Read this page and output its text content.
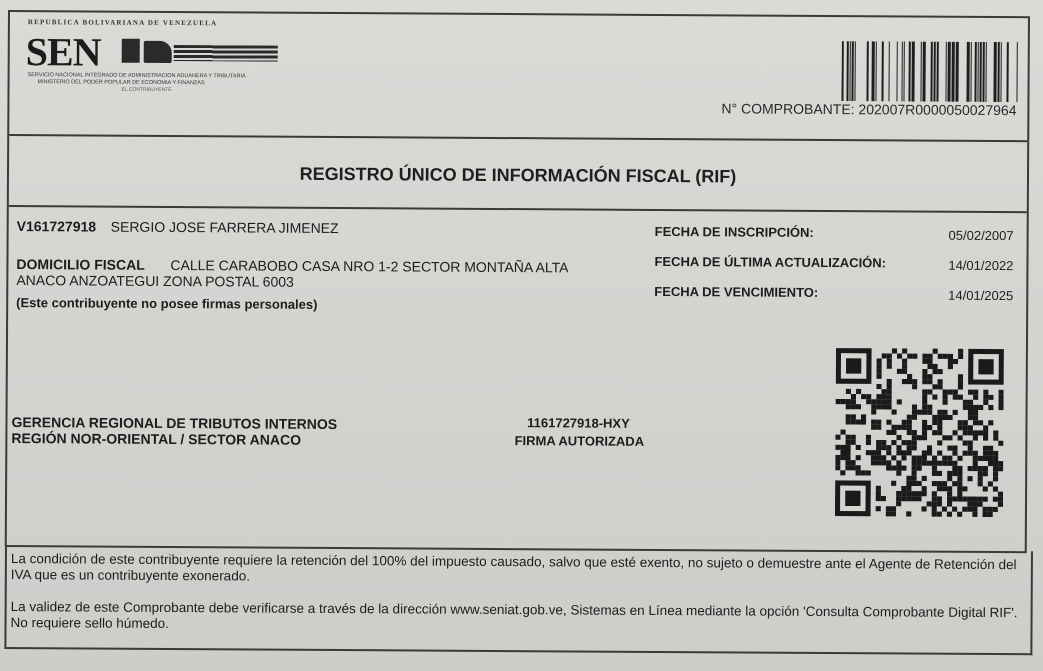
REPUBLICA BOLIVARIANA DE VENEZUELA
SEN
SERVICIO NACIONAL INTEGRADO DE ADMINISTRACION ADUANERA Y TRIBUTARIA
MINISTERIO DEL PODER POPULAR DE ECONOMIA Y FINANZAS
EL CONTRIBUYENTE
N° COMPROBANTE: 202007R0000050027964
REGISTRO ÚNICO DE INFORMACIÓN FISCAL (RIF)
V161727918 SERGIO JOSE FARRERA JIMENEZ
DOMICILIO FISCAL CALLE CARABOBO CASA NRO 1-2 SECTOR MONTAÑA ALTA
ANACO ANZOATEGUI ZONA POSTAL 6003
(Este contribuyente no posee firmas personales)
FECHA DE INSCRIPCIÓN:	05/02/2007
FECHA DE ÚLTIMA ACTUALIZACIÓN:	14/01/2022
FECHA DE VENCIMIENTO:	14/01/2025
GERENCIA REGIONAL DE TRIBUTOS INTERNOS
REGIÓN NOR-ORIENTAL / SECTOR ANACO
1161727918-HXY
FIRMA AUTORIZADA
La condición de este contribuyente requiere la retención del 100% del impuesto causado, salvo que esté exento, no sujeto o demuestre ante el Agente de Retención del IVA que es un contribuyente exonerado.
La validez de este Comprobante debe verificarse a través de la dirección www.seniat.gob.ve, Sistemas en Línea mediante la opción 'Consulta Comprobante Digital RIF'. No requiere sello húmedo.
